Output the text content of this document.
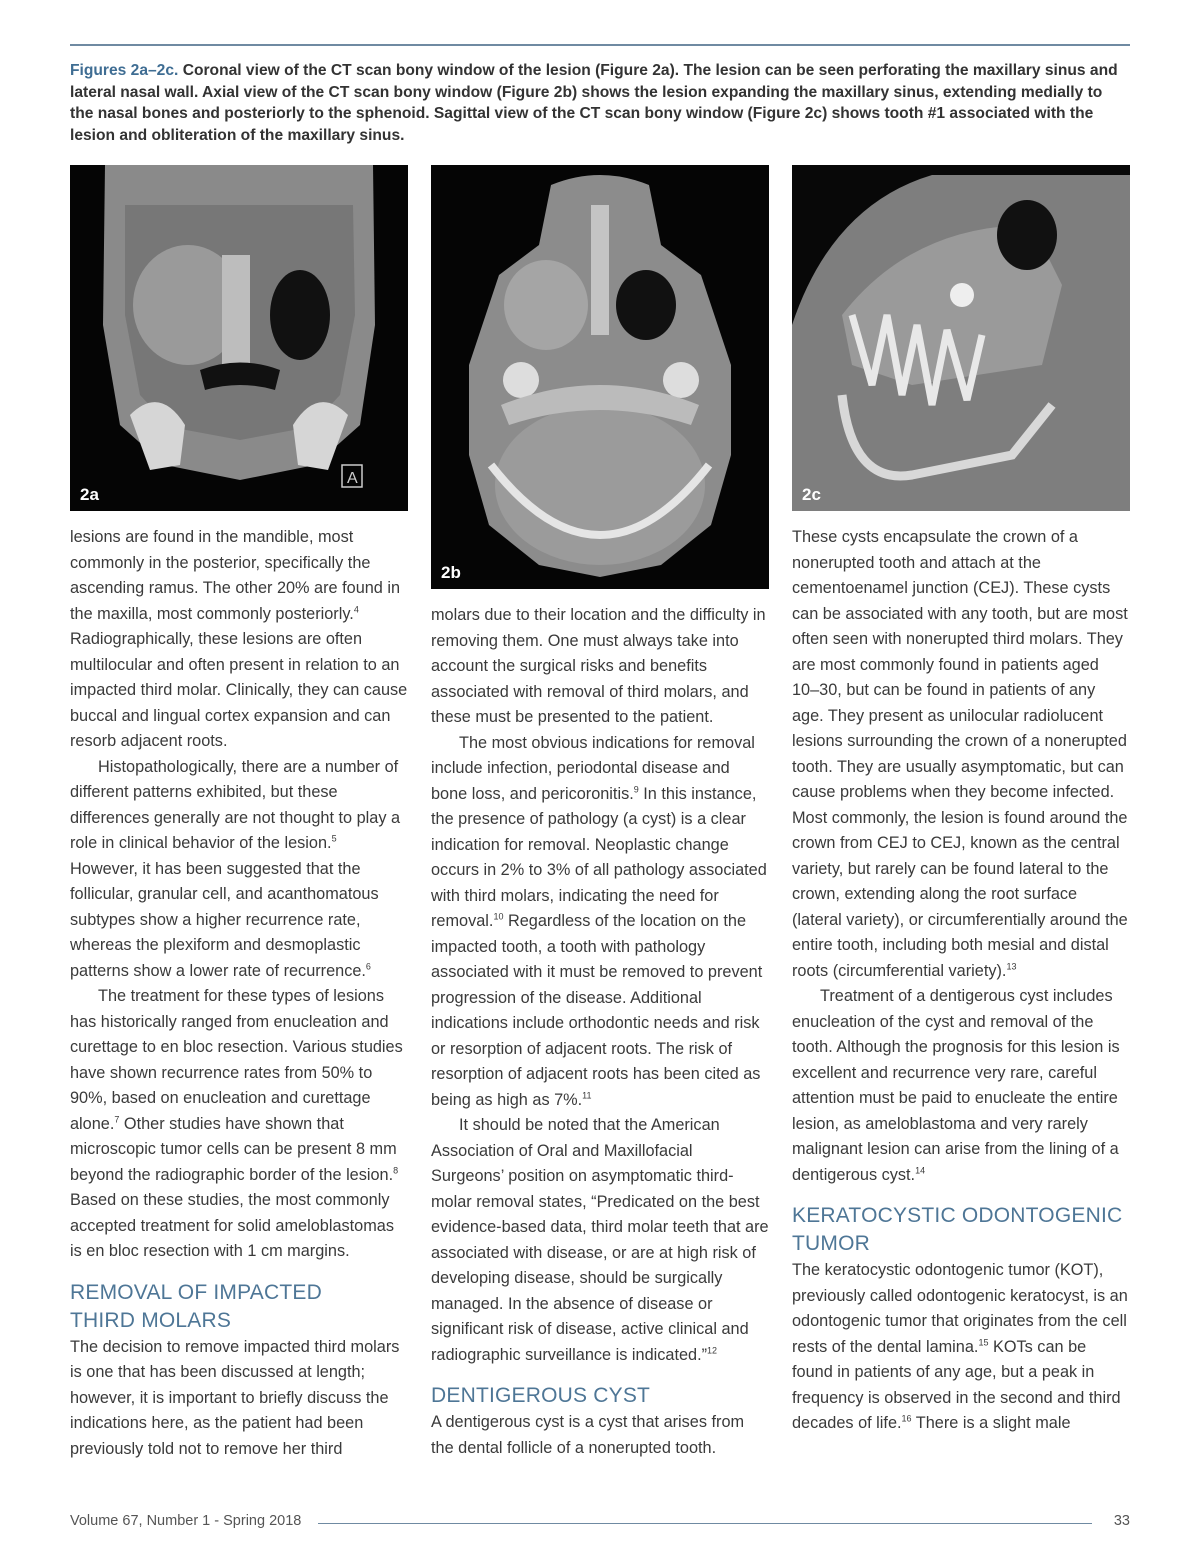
Figures 2a–2c. Coronal view of the CT scan bony window of the lesion (Figure 2a). The lesion can be seen perforating the maxillary sinus and lateral nasal wall. Axial view of the CT scan bony window (Figure 2b) shows the lesion expanding the maxillary sinus, extending medially to the nasal bones and posteriorly to the sphenoid. Sagittal view of the CT scan bony window (Figure 2c) shows tooth #1 associated with the lesion and obliteration of the maxillary sinus.
A
2a
2b
2c

lesions are found in the mandible, most commonly in the posterior, specifically the ascending ramus. The other 20% are found in the maxilla, most commonly posteriorly.$^4$ Radiographically, these lesions are often multilocular and often present in relation to an impacted third molar. Clinically, they can cause buccal and lingual cortex expansion and can resorb adjacent roots.

Histopathologically, there are a number of different patterns exhibited, but these differences generally are not thought to play a role in clinical behavior of the lesion.$^5$ However, it has been suggested that the follicular, granular cell, and acanthomatous subtypes show a higher recurrence rate, whereas the plexiform and desmoplastic patterns show a lower rate of recurrence.$^6$

The treatment for these types of lesions has historically ranged from enucleation and curettage to en bloc resection. Various studies have shown recurrence rates from 50% to 90%, based on enucleation and curettage alone.$^7$ Other studies have shown that microscopic tumor cells can be present 8 mm beyond the radiographic border of the lesion.$^8$ Based on these studies, the most commonly accepted treatment for solid ameloblastomas is en bloc resection with 1 cm margins.

REMOVAL OF IMPACTED
THIRD MOLARS

The decision to remove impacted third molars is one that has been discussed at length; however, it is important to briefly discuss the indications here, as the patient had been previously told not to remove her third

molars due to their location and the difficulty in removing them. One must always take into account the surgical risks and benefits associated with removal of third molars, and these must be presented to the patient.

The most obvious indications for removal include infection, periodontal disease and bone loss, and pericoronitis.$^9$ In this instance, the presence of pathology (a cyst) is a clear indication for removal. Neoplastic change occurs in 2% to 3% of all pathology associated with third molars, indicating the need for removal.$^{10}$ Regardless of the location on the impacted tooth, a tooth with pathology associated with it must be removed to prevent progression of the disease. Additional indications include orthodontic needs and risk or resorption of adjacent roots. The risk of resorption of adjacent roots has been cited as being as high as 7%.$^{11}$

It should be noted that the American Association of Oral and Maxillofacial Surgeons’ position on asymptomatic third-molar removal states, “Predicated on the best evidence-based data, third molar teeth that are associated with disease, or are at high risk of developing disease, should be surgically managed. In the absence of disease or significant risk of disease, active clinical and radiographic surveillance is indicated.”$^{12}$

DENTIGEROUS CYST

A dentigerous cyst is a cyst that arises from the dental follicle of a nonerupted tooth.

These cysts encapsulate the crown of a nonerupted tooth and attach at the cementoenamel junction (CEJ). These cysts can be associated with any tooth, but are most often seen with nonerupted third molars. They are most commonly found in patients aged 10–30, but can be found in patients of any age. They present as unilocular radiolucent lesions surrounding the crown of a nonerupted tooth. They are usually asymptomatic, but can cause problems when they become infected. Most commonly, the lesion is found around the crown from CEJ to CEJ, known as the central variety, but rarely can be found lateral to the crown, extending along the root surface (lateral variety), or circumferentially around the entire tooth, including both mesial and distal roots (circumferential variety).$^{13}$

Treatment of a dentigerous cyst includes enucleation of the cyst and removal of the tooth. Although the prognosis for this lesion is excellent and recurrence very rare, careful attention must be paid to enucleate the entire lesion, as ameloblastoma and very rarely malignant lesion can arise from the lining of a dentigerous cyst.$^{14}$

KERATOCYSTIC ODONTOGENIC
TUMOR

The keratocystic odontogenic tumor (KOT), previously called odontogenic keratocyst, is an odontogenic tumor that originates from the cell rests of the dental lamina.$^{15}$ KOTs can be found in patients of any age, but a peak in frequency is observed in the second and third decades of life.$^{16}$ There is a slight male

Volume 67, Number 1 - Spring 2018	33
